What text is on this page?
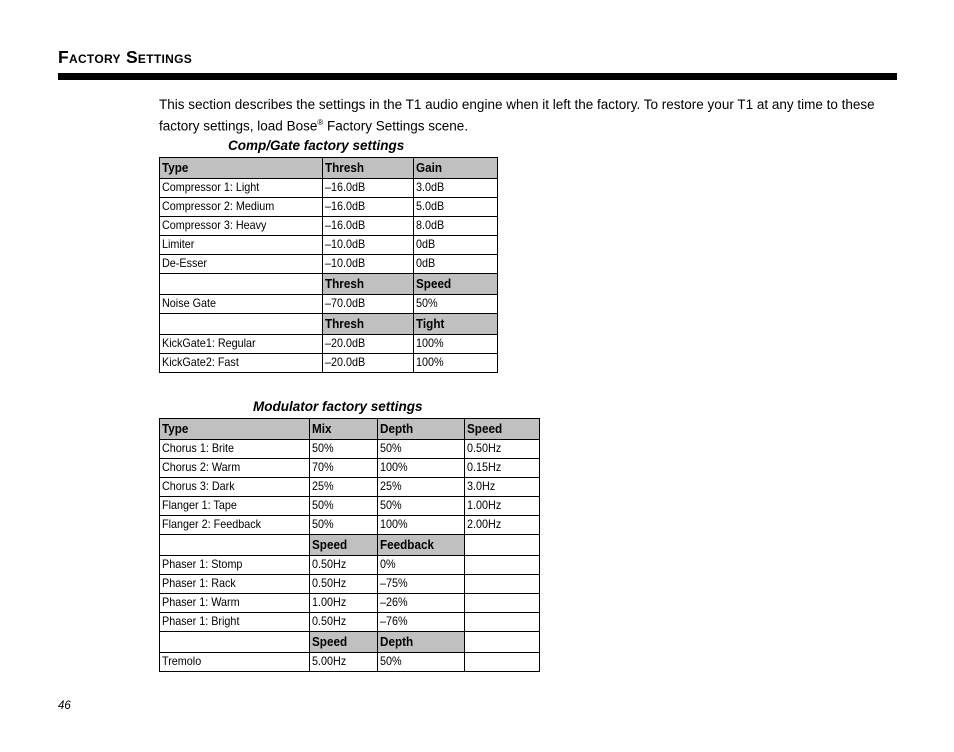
Factory Settings

This section describes the settings in the T1 audio engine when it left the factory. To restore your T1 at any time to these factory settings, load Bose® Factory Settings scene.

Comp/Gate factory settings

Type	Thresh	Gain
Compressor 1: Light	–16.0dB	3.0dB
Compressor 2: Medium	–16.0dB	5.0dB
Compressor 3: Heavy	–16.0dB	8.0dB
Limiter	–10.0dB	0dB
De-Esser	–10.0dB	0dB
	Thresh	Speed
Noise Gate	–70.0dB	50%
	Thresh	Tight
KickGate1: Regular	–20.0dB	100%
KickGate2: Fast	–20.0dB	100%

Modulator factory settings

Type	Mix	Depth	Speed
Chorus 1: Brite	50%	50%	0.50Hz
Chorus 2: Warm	70%	100%	0.15Hz
Chorus 3: Dark	25%	25%	3.0Hz
Flanger 1: Tape	50%	50%	1.00Hz
Flanger 2: Feedback	50%	100%	2.00Hz
	Speed	Feedback	
Phaser 1: Stomp	0.50Hz	0%	
Phaser 1: Rack	0.50Hz	–75%	
Phaser 1: Warm	1.00Hz	–26%	
Phaser 1: Bright	0.50Hz	–76%	
	Speed	Depth	
Tremolo	5.00Hz	50%	

46
